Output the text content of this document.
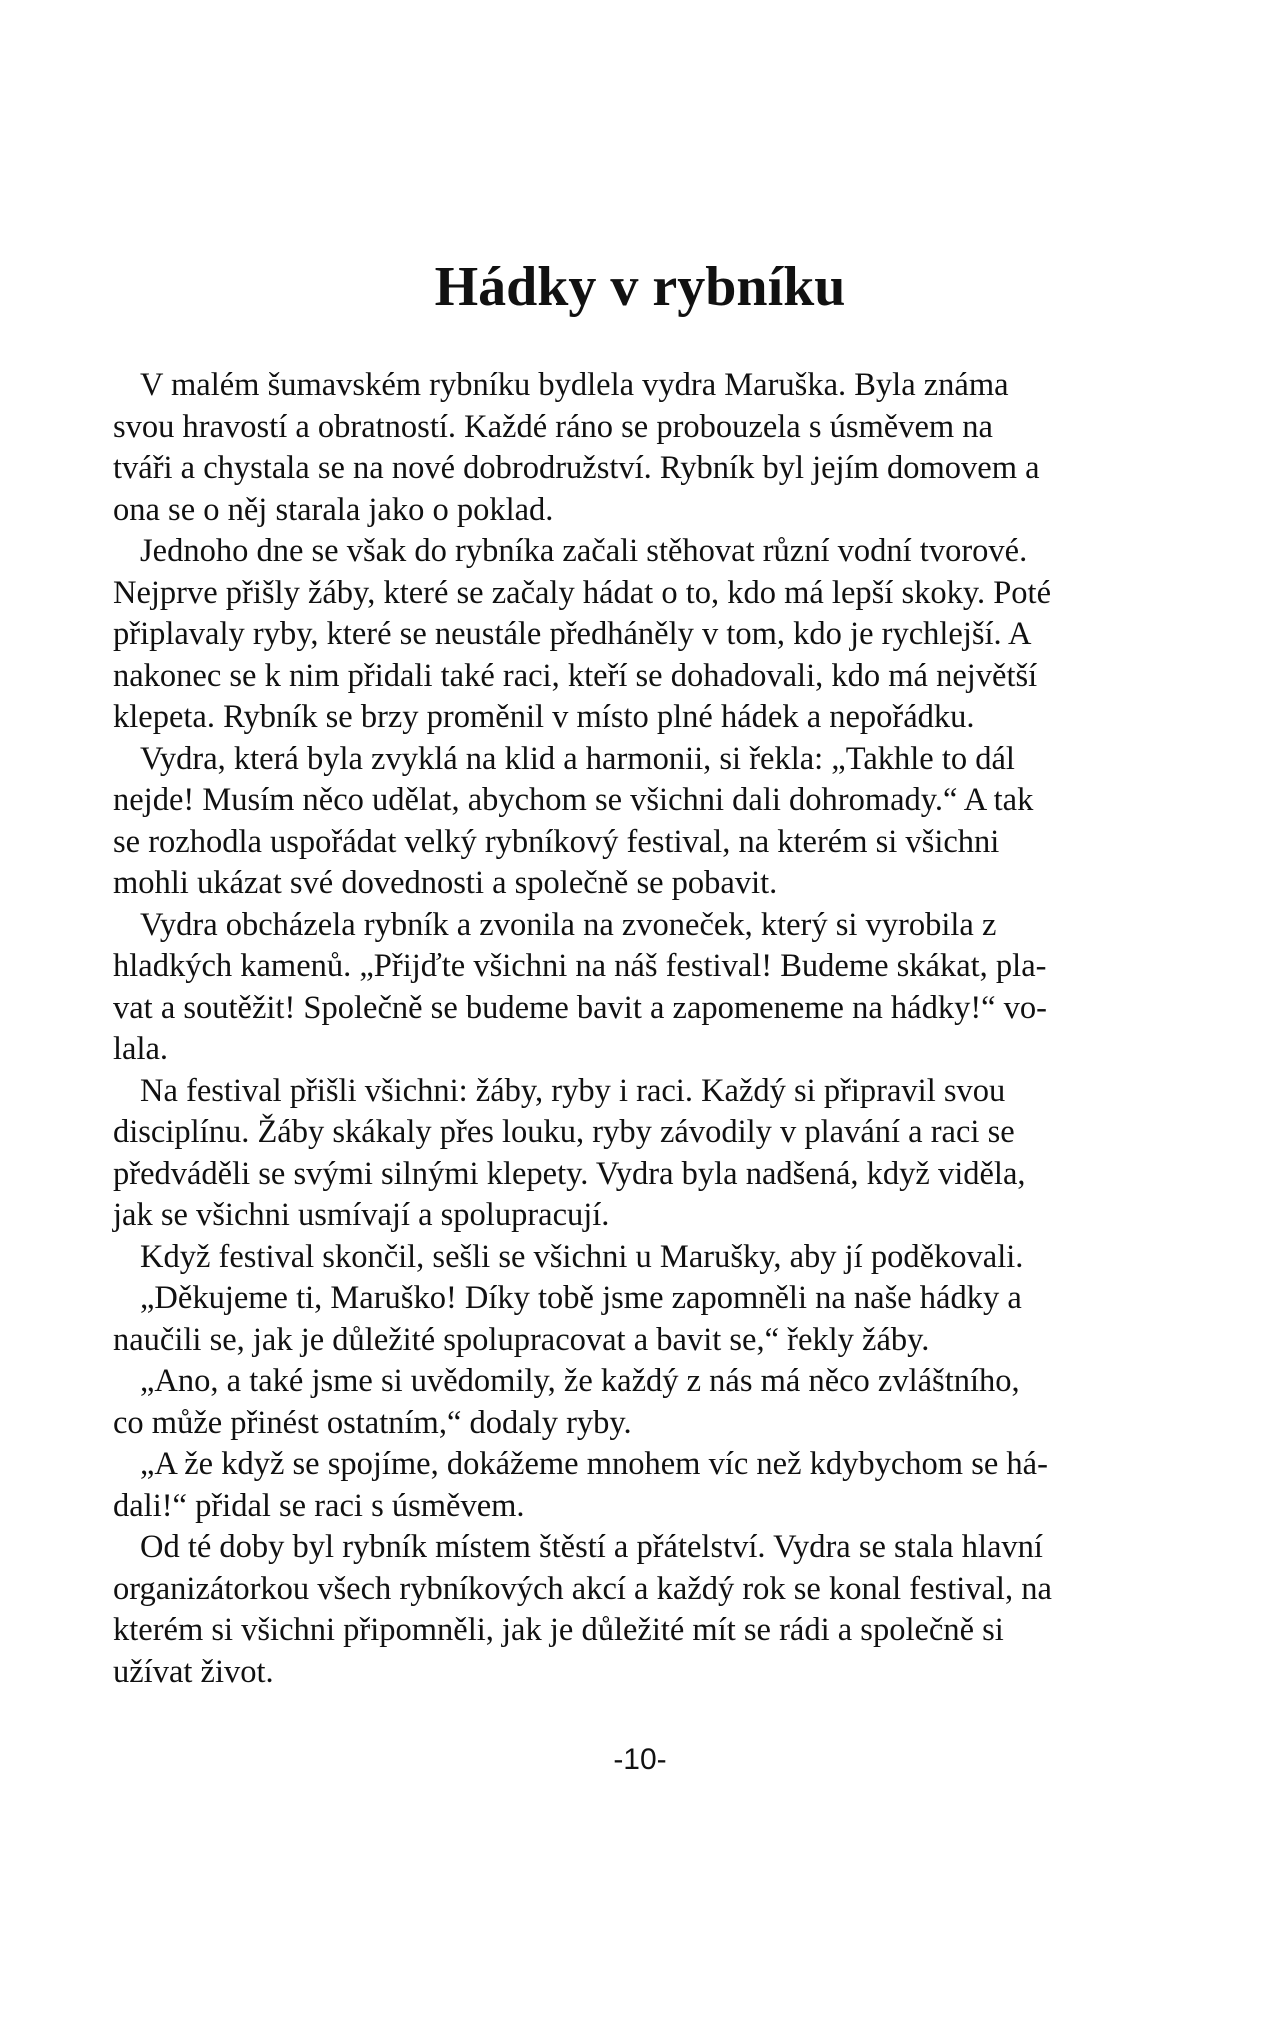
Hádky v rybníku
V malém šumavském rybníku bydlela vydra Maruška. Byla známa
svou hravostí a obratností. Každé ráno se probouzela s úsměvem na
tváři a chystala se na nové dobrodružství. Rybník byl jejím domovem a
ona se o něj starala jako o poklad.
Jednoho dne se však do rybníka začali stěhovat různí vodní tvorové.
Nejprve přišly žáby, které se začaly hádat o to, kdo má lepší skoky. Poté
připlavaly ryby, které se neustále předháněly v tom, kdo je rychlejší. A
nakonec se k nim přidali také raci, kteří se dohadovali, kdo má největší
klepeta. Rybník se brzy proměnil v místo plné hádek a nepořádku.
Vydra, která byla zvyklá na klid a harmonii, si řekla: „Takhle to dál
nejde! Musím něco udělat, abychom se všichni dali dohromady.“ A tak
se rozhodla uspořádat velký rybníkový festival, na kterém si všichni
mohli ukázat své dovednosti a společně se pobavit.
Vydra obcházela rybník a zvonila na zvoneček, který si vyrobila z
hladkých kamenů. „Přijďte všichni na náš festival! Budeme skákat, pla-
vat a soutěžit! Společně se budeme bavit a zapomeneme na hádky!“ vo-
lala.
Na festival přišli všichni: žáby, ryby i raci. Každý si připravil svou
disciplínu. Žáby skákaly přes louku, ryby závodily v plavání a raci se
předváděli se svými silnými klepety. Vydra byla nadšená, když viděla,
jak se všichni usmívají a spolupracují.
Když festival skončil, sešli se všichni u Marušky, aby jí poděkovali.
„Děkujeme ti, Maruško! Díky tobě jsme zapomněli na naše hádky a
naučili se, jak je důležité spolupracovat a bavit se,“ řekly žáby.
„Ano, a také jsme si uvědomily, že každý z nás má něco zvláštního,
co může přinést ostatním,“ dodaly ryby.
„A že když se spojíme, dokážeme mnohem víc než kdybychom se há-
dali!“ přidal se raci s úsměvem.
Od té doby byl rybník místem štěstí a přátelství. Vydra se stala hlavní
organizátorkou všech rybníkových akcí a každý rok se konal festival, na
kterém si všichni připomněli, jak je důležité mít se rádi a společně si
užívat život.
-10-
